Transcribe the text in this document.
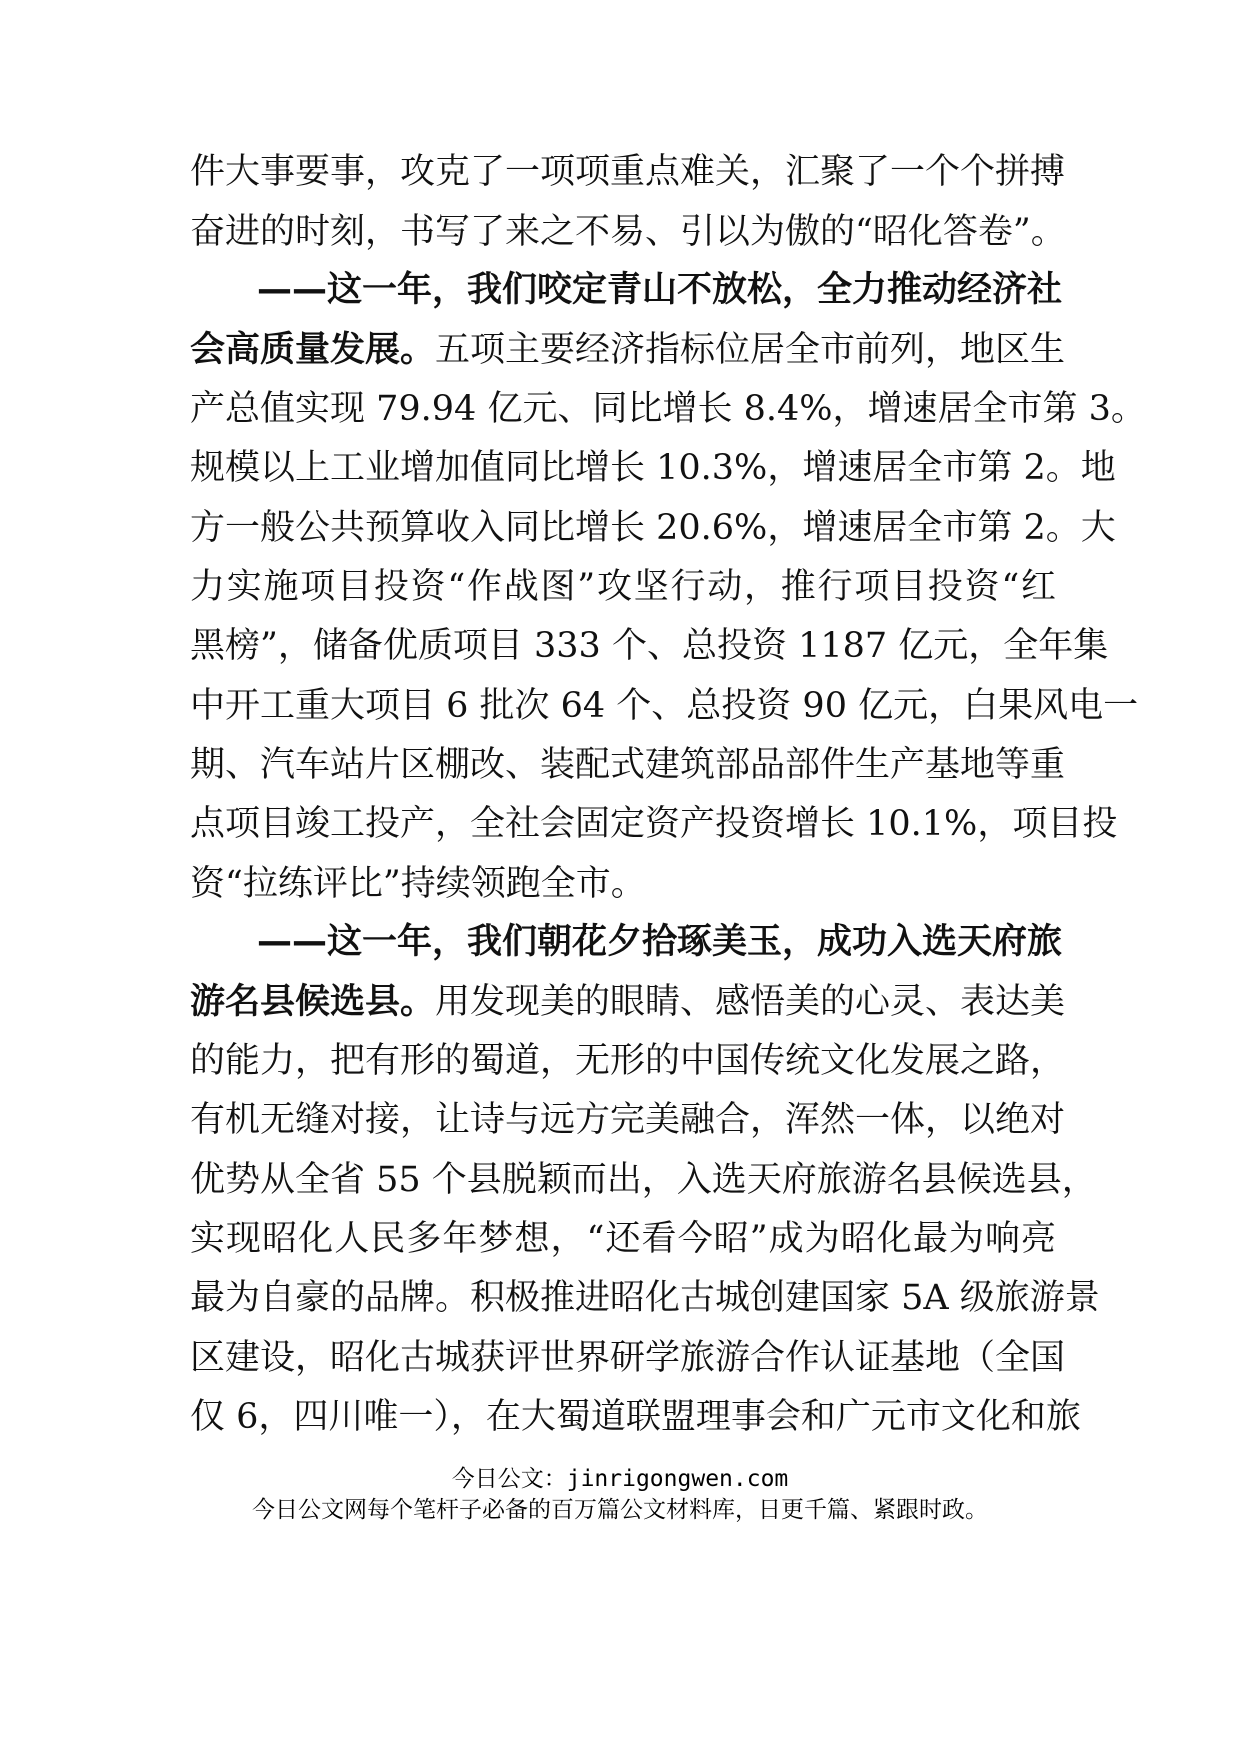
件大事要事，攻克了一项项重点难关，汇聚了一个个拼搏
奋进的时刻，书写了来之不易、引以为傲的“昭化答卷”。
——这一年，我们咬定青山不放松，全力推动经济社
会高质量发展。五项主要经济指标位居全市前列，地区生
产总值实现 79.94 亿元、同比增长 8.4%，增速居全市第 3。
规模以上工业增加值同比增长 10.3%，增速居全市第 2。地
方一般公共预算收入同比增长 20.6%，增速居全市第 2。大
力实施项目投资“作战图”攻坚行动，推行项目投资“红
黑榜”，储备优质项目 333 个、总投资 1187 亿元，全年集
中开工重大项目 6 批次 64 个、总投资 90 亿元，白果风电一
期、汽车站片区棚改、装配式建筑部品部件生产基地等重
点项目竣工投产，全社会固定资产投资增长 10.1%，项目投
资“拉练评比”持续领跑全市。
——这一年，我们朝花夕拾琢美玉，成功入选天府旅
游名县候选县。用发现美的眼睛、感悟美的心灵、表达美
的能力，把有形的蜀道，无形的中国传统文化发展之路，
有机无缝对接，让诗与远方完美融合，浑然一体，以绝对
优势从全省 55 个县脱颖而出，入选天府旅游名县候选县，
实现昭化人民多年梦想，“还看今昭”成为昭化最为响亮
最为自豪的品牌。积极推进昭化古城创建国家 5A 级旅游景
区建设，昭化古城获评世界研学旅游合作认证基地（全国
仅 6，四川唯一），在大蜀道联盟理事会和广元市文化和旅
今日公文：jinrigongwen.com
今日公文网每个笔杆子必备的百万篇公文材料库，日更千篇、紧跟时政。
